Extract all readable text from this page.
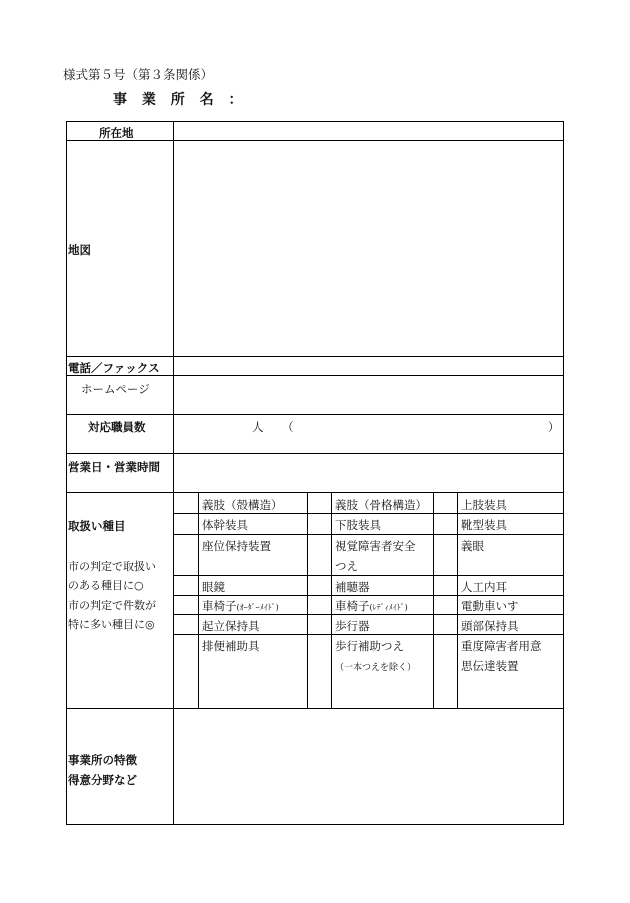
様式第５号（第３条関係）
事 業 所 名 ：
所在地
地図
電話／ファックス
ホームページ
対応職員数	人 （	）
営業日・営業時間
取扱い種目
市の判定で取扱い
のある種目に○
市の判定で件数が
特に多い種目に◎
事業所の特徴
得意分野など
義肢（殻構造）
体幹装具
座位保持装置
眼鏡
車椅子(ｵｰﾀﾞｰﾒｲﾄﾞ)
起立保持具
排便補助具
義肢（骨格構造）
下肢装具
視覚障害者安全
つえ
補聴器
車椅子(ﾚﾃﾞｨﾒｲﾄﾞ)
歩行器
歩行補助つえ
（一本つえを除く）
上肢装具
靴型装具
義眼
人工内耳
電動車いす
頭部保持具
重度障害者用意
思伝達装置
